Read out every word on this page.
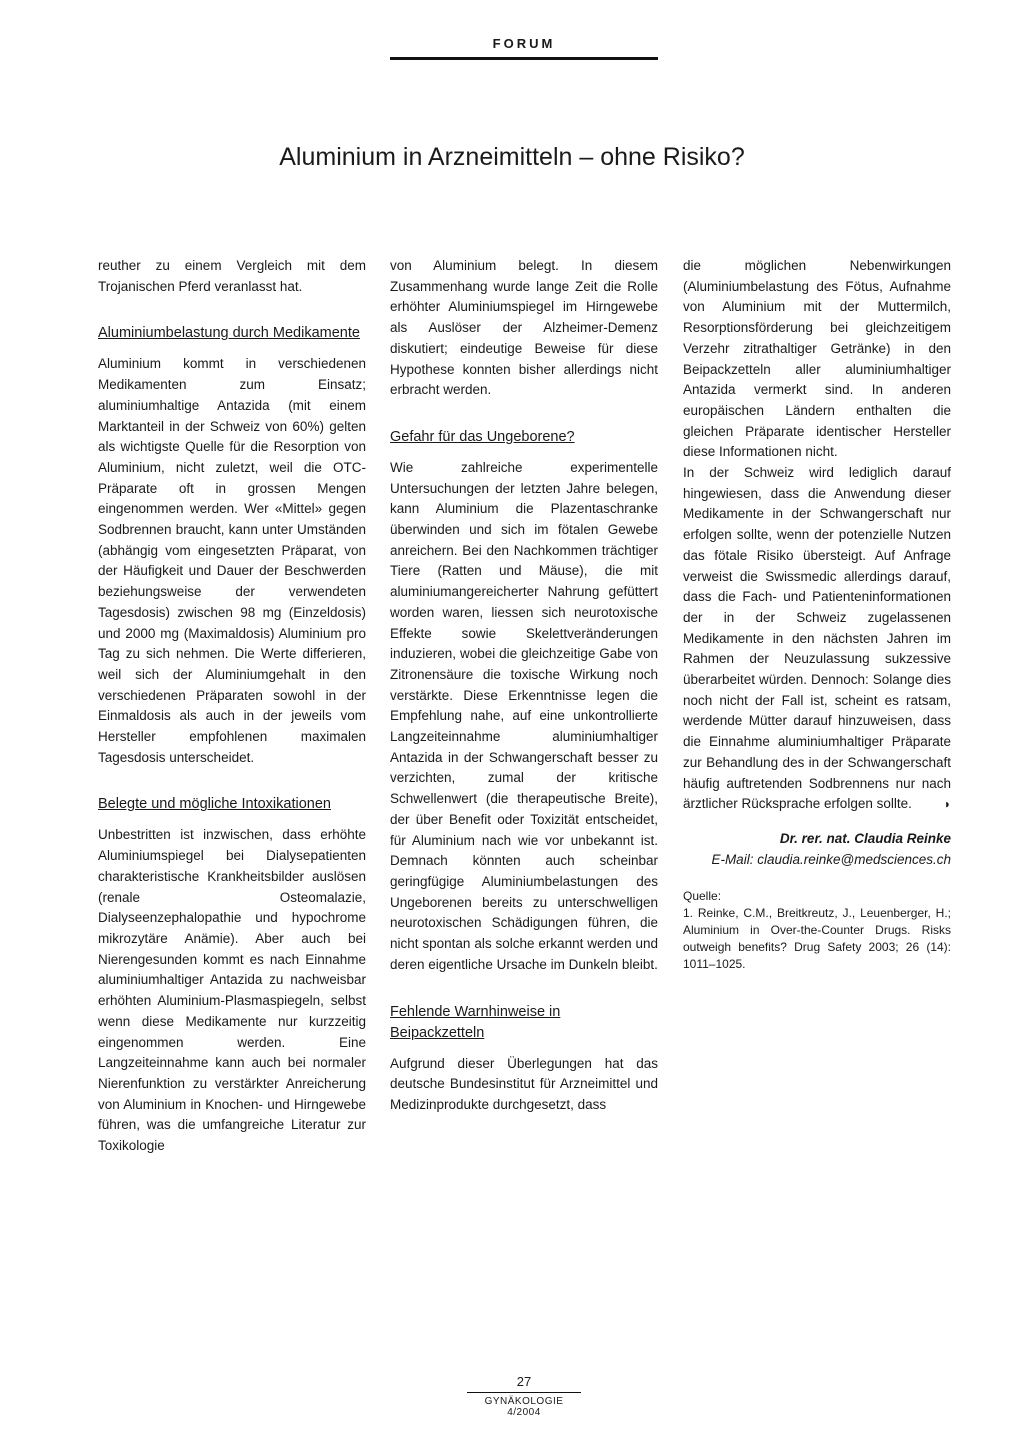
FORUM
Aluminium in Arzneimitteln – ohne Risiko?

reuther zu einem Vergleich mit dem Trojanischen Pferd veranlasst hat.

Aluminiumbelastung durch Medikamente

Aluminium kommt in verschiedenen Medikamenten zum Einsatz; aluminiumhaltige Antazida (mit einem Marktanteil in der Schweiz von 60%) gelten als wichtigste Quelle für die Resorption von Aluminium, nicht zuletzt, weil die OTC-Präparate oft in grossen Mengen eingenommen werden. Wer «Mittel» gegen Sodbrennen braucht, kann unter Umständen (abhängig vom eingesetzten Präparat, von der Häufigkeit und Dauer der Beschwerden beziehungsweise der verwendeten Tagesdosis) zwischen 98 mg (Einzeldosis) und 2000 mg (Maximaldosis) Aluminium pro Tag zu sich nehmen. Die Werte differieren, weil sich der Aluminiumgehalt in den verschiedenen Präparaten sowohl in der Einmaldosis als auch in der jeweils vom Hersteller empfohlenen maximalen Tagesdosis unterscheidet.

Belegte und mögliche Intoxikationen

Unbestritten ist inzwischen, dass erhöhte Aluminiumspiegel bei Dialysepatienten charakteristische Krankheitsbilder auslösen (renale Osteomalazie, Dialyseenzephalopathie und hypochrome mikrozytäre Anämie). Aber auch bei Nierengesunden kommt es nach Einnahme aluminiumhaltiger Antazida zu nachweisbar erhöhten Aluminium-Plasmaspiegeln, selbst wenn diese Medikamente nur kurzzeitig eingenommen werden. Eine Langzeiteinnahme kann auch bei normaler Nierenfunktion zu verstärkter Anreicherung von Aluminium in Knochen- und Hirngewebe führen, was die umfangreiche Literatur zur Toxikologie

von Aluminium belegt. In diesem Zusammenhang wurde lange Zeit die Rolle erhöhter Aluminiumspiegel im Hirngewebe als Auslöser der Alzheimer-Demenz diskutiert; eindeutige Beweise für diese Hypothese konnten bisher allerdings nicht erbracht werden.

Gefahr für das Ungeborene?

Wie zahlreiche experimentelle Untersuchungen der letzten Jahre belegen, kann Aluminium die Plazentaschranke überwinden und sich im fötalen Gewebe anreichern. Bei den Nachkommen trächtiger Tiere (Ratten und Mäuse), die mit aluminiumangereicherter Nahrung gefüttert worden waren, liessen sich neurotoxische Effekte sowie Skelettveränderungen induzieren, wobei die gleichzeitige Gabe von Zitronensäure die toxische Wirkung noch verstärkte. Diese Erkenntnisse legen die Empfehlung nahe, auf eine unkontrollierte Langzeiteinnahme aluminiumhaltiger Antazida in der Schwangerschaft besser zu verzichten, zumal der kritische Schwellenwert (die therapeutische Breite), der über Benefit oder Toxizität entscheidet, für Aluminium nach wie vor unbekannt ist. Demnach könnten auch scheinbar geringfügige Aluminiumbelastungen des Ungeborenen bereits zu unterschwelligen neurotoxischen Schädigungen führen, die nicht spontan als solche erkannt werden und deren eigentliche Ursache im Dunkeln bleibt.

Fehlende Warnhinweise in Beipackzetteln

Aufgrund dieser Überlegungen hat das deutsche Bundesinstitut für Arzneimittel und Medizinprodukte durchgesetzt, dass

die möglichen Nebenwirkungen (Aluminiumbelastung des Fötus, Aufnahme von Aluminium mit der Muttermilch, Resorptionsförderung bei gleichzeitigem Verzehr zitrathaltiger Getränke) in den Beipackzetteln aller aluminiumhaltiger Antazida vermerkt sind. In anderen europäischen Ländern enthalten die gleichen Präparate identischer Hersteller diese Informationen nicht.

In der Schweiz wird lediglich darauf hingewiesen, dass die Anwendung dieser Medikamente in der Schwangerschaft nur erfolgen sollte, wenn der potenzielle Nutzen das fötale Risiko übersteigt. Auf Anfrage verweist die Swissmedic allerdings darauf, dass die Fach- und Patienteninformationen der in der Schweiz zugelassenen Medikamente in den nächsten Jahren im Rahmen der Neuzulassung sukzessive überarbeitet würden. Dennoch: Solange dies noch nicht der Fall ist, scheint es ratsam, werdende Mütter darauf hinzuweisen, dass die Einnahme aluminiumhaltiger Präparate zur Behandlung des in der Schwangerschaft häufig auftretenden Sodbrennens nur nach ärztlicher Rücksprache erfolgen sollte.	◗

Dr. rer. nat. Claudia Reinke
E-Mail: claudia.reinke@medsciences.ch
Quelle:

1. Reinke, C.M., Breitkreutz, J., Leuenberger, H.; Aluminium in Over-the-Counter Drugs. Risks outweigh benefits? Drug Safety 2003; 26 (14): 1011–1025.

27
GYNÄKOLOGIE 4/2004
